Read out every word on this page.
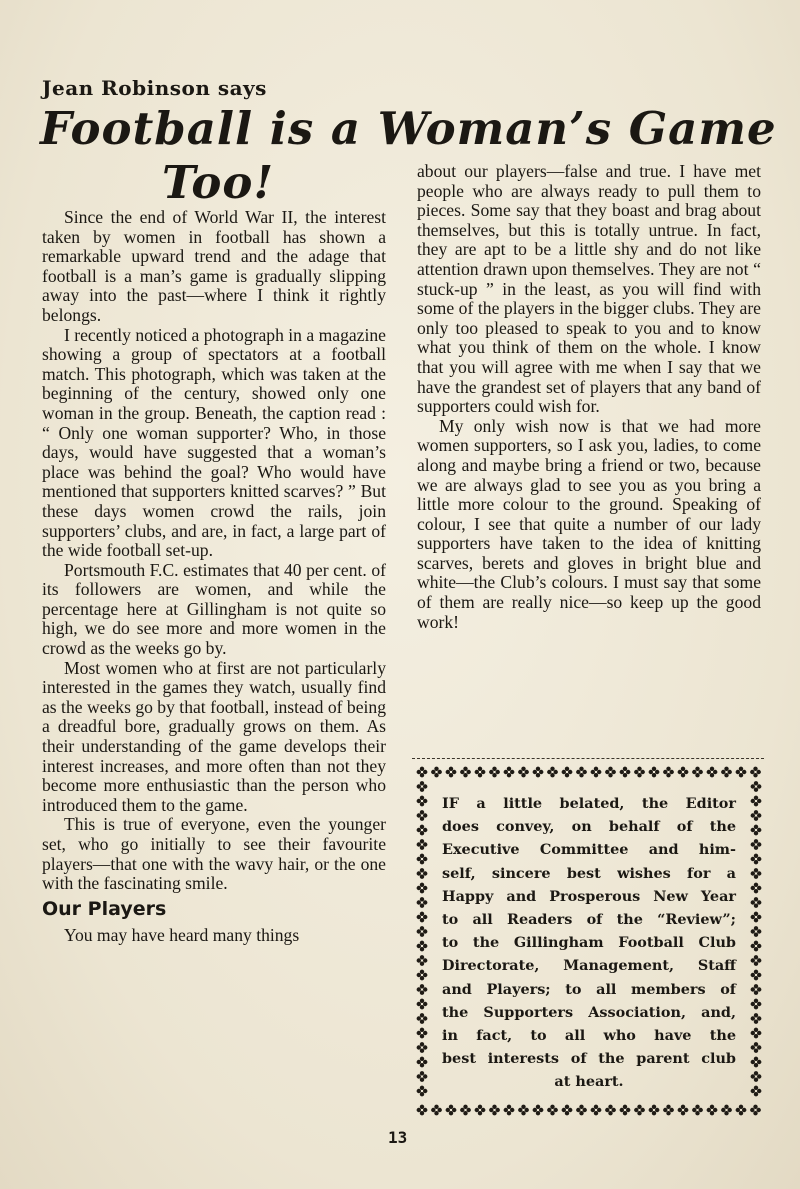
Jean Robinson says
Football is a Woman’s Game
Too!

Since the end of World War II, the interest taken by women in football has shown a remarkable upward trend and the adage that football is a man’s game is gradually slipping away into the past—where I think it rightly belongs.

I recently noticed a photograph in a magazine showing a group of spectators at a football match. This photograph, which was taken at the beginning of the century, showed only one woman in the group. Beneath, the caption read : “ Only one woman supporter? Who, in those days, would have suggested that a woman’s place was behind the goal? Who would have mentioned that supporters knitted scarves? ” But these days women crowd the rails, join supporters’ clubs, and are, in fact, a large part of the wide football set-up.

Portsmouth F.C. estimates that 40 per cent. of its followers are women, and while the percentage here at Gillingham is not quite so high, we do see more and more women in the crowd as the weeks go by.

Most women who at first are not particularly interested in the games they watch, usually find as the weeks go by that football, instead of being a dreadful bore, gradually grows on them. As their understanding of the game develops their interest increases, and more often than not they become more enthusiastic than the person who introduced them to the game.

This is true of everyone, even the younger set, who go initially to see their favourite players—that one with the wavy hair, or the one with the fascinating smile.

Our Players

You may have heard many things

about our players—false and true. I have met people who are always ready to pull them to pieces. Some say that they boast and brag about themselves, but this is totally untrue. In fact, they are apt to be a little shy and do not like attention drawn upon themselves. They are not “ stuck-up ” in the least, as you will find with some of the players in the bigger clubs. They are only too pleased to speak to you and to know what you think of them on the whole. I know that you will agree with me when I say that we have the grandest set of players that any band of supporters could wish for.

My only wish now is that we had more women supporters, so I ask you, ladies, to come along and maybe bring a friend or two, because we are always glad to see you as you bring a little more colour to the ground. Speaking of colour, I see that quite a number of our lady supporters have taken to the idea of knitting scarves, berets and gloves in bright blue and white—the Club’s colours. I must say that some of them are really nice—so keep up the good work!

IF a little belated, the Editor
does convey, on behalf of the
Executive Committee and him-
self, sincere best wishes for a
Happy and Prosperous New Year
to all Readers of the “Review”;
to the Gillingham Football Club
Directorate, Management, Staff
and Players; to all members of
the Supporters Association, and,
in fact, to all who have the
best interests of the parent club
at heart.
13
